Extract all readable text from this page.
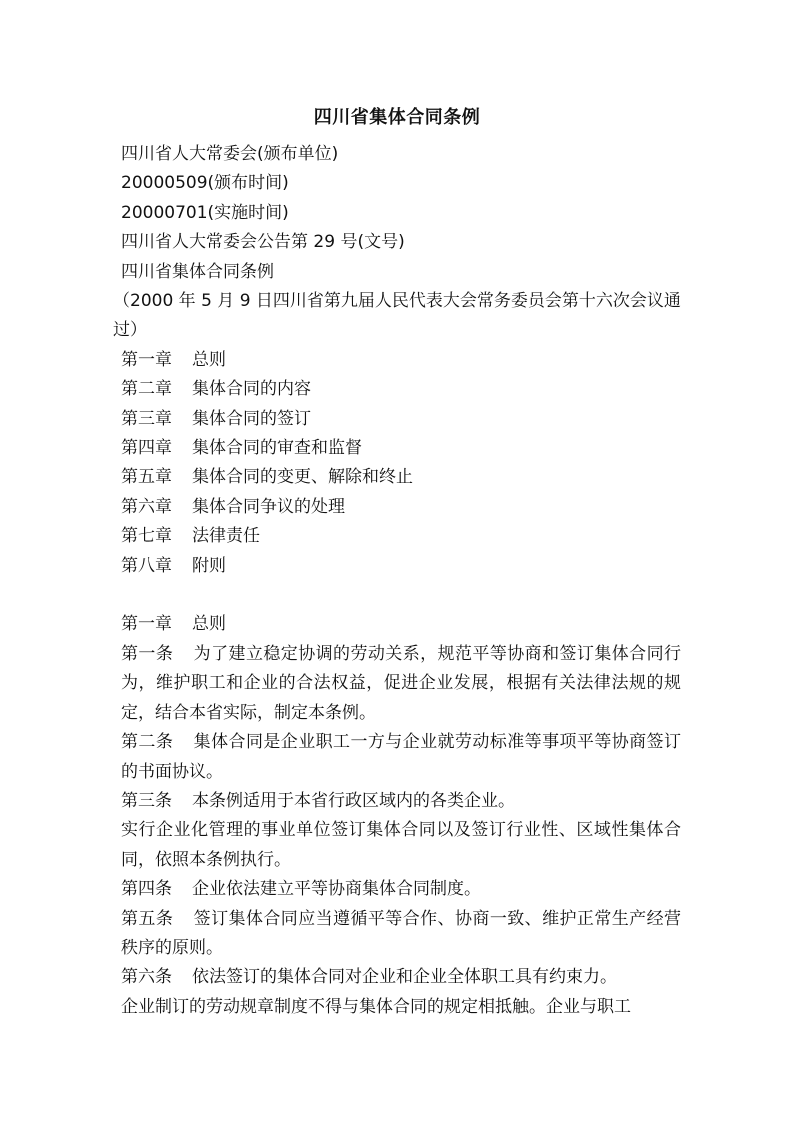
四川省集体合同条例
四川省人大常委会(颁布单位)
20000509(颁布时间)
20000701(实施时间)
四川省人大常委会公告第 29 号(文号)
四川省集体合同条例
（2000 年 5 月 9 日四川省第九届人民代表大会常务委员会第十六次会议通过）
第一章 总则
第二章 集体合同的内容
第三章 集体合同的签订
第四章 集体合同的审查和监督
第五章 集体合同的变更、解除和终止
第六章 集体合同争议的处理
第七章 法律责任
第八章 附则
第一章 总则
第一条 为了建立稳定协调的劳动关系，规范平等协商和签订集体合同行为，维护职工和企业的合法权益，促进企业发展，根据有关法律法规的规定，结合本省实际，制定本条例。
第二条 集体合同是企业职工一方与企业就劳动标准等事项平等协商签订的书面协议。
第三条 本条例适用于本省行政区域内的各类企业。
实行企业化管理的事业单位签订集体合同以及签订行业性、区域性集体合同，依照本条例执行。
第四条 企业依法建立平等协商集体合同制度。
第五条 签订集体合同应当遵循平等合作、协商一致、维护正常生产经营秩序的原则。
第六条 依法签订的集体合同对企业和企业全体职工具有约束力。
企业制订的劳动规章制度不得与集体合同的规定相抵触。企业与职工
